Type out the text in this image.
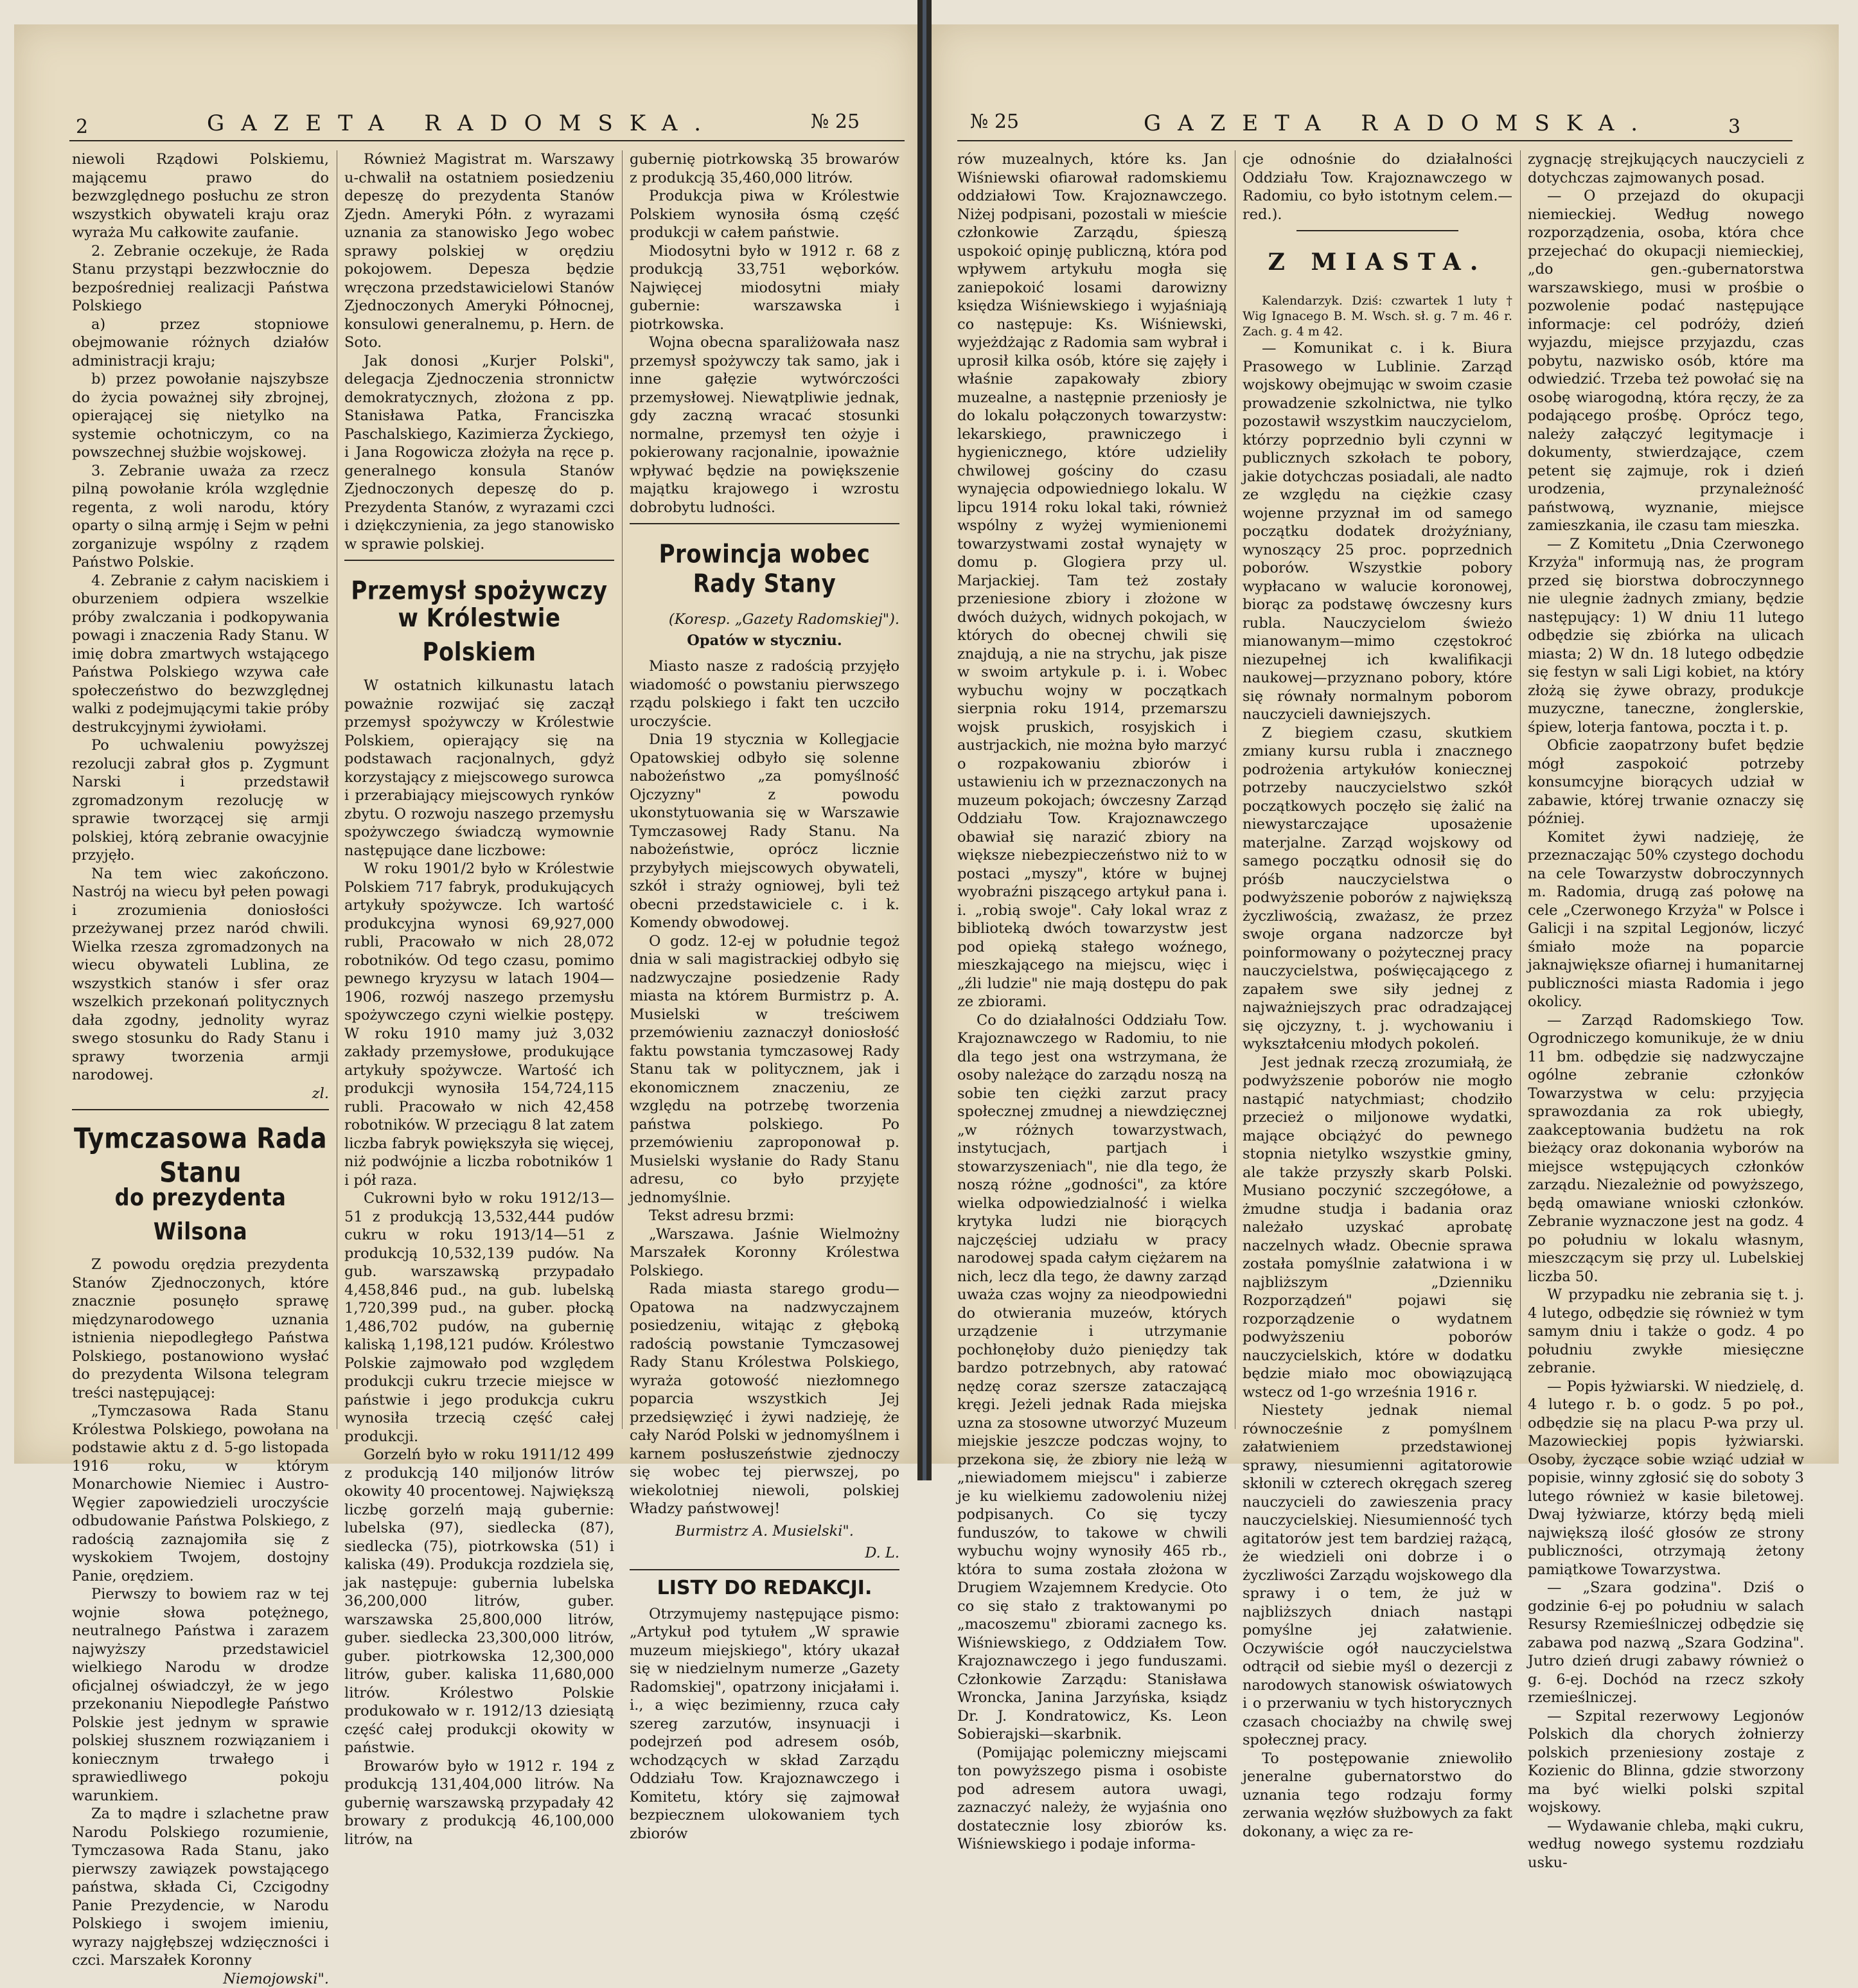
2	GAZETA RADOMSKA.	№ 25

niewoli Rządowi Polskiemu, mającemu prawo do bezwzględnego posłuchu ze stron wszystkich obywateli kraju oraz wyraża Mu całkowite zaufanie.

2. Zebranie oczekuje, że Rada Stanu przystąpi bezzwłocznie do bezpośredniej realizacji Państwa Polskiego

a) przez stopniowe obejmowanie różnych działów administracji kraju;

b) przez powołanie najszybsze do życia poważnej siły zbrojnej, opierającej się nietylko na systemie ochotniczym, co na powszechnej służbie wojskowej.

3. Zebranie uważa za rzecz pilną powołanie króla względnie regenta, z woli narodu, który oparty o silną armję i Sejm w pełni zorganizuje wspólny z rządem Państwo Polskie.

4. Zebranie z całym naciskiem i oburzeniem odpiera wszelkie próby zwalczania i podkopywania powagi i znaczenia Rady Stanu. W imię dobra zmartwych wstającego Państwa Polskiego wzywa całe społeczeństwo do bezwzględnej walki z podejmującymi takie próby destrukcyjnymi żywiołami.

Po uchwaleniu powyższej rezolucji zabrał głos p. Zygmunt Narski i przedstawił zgromadzonym rezolucję w sprawie tworzącej się armji polskiej, którą zebranie owacyjnie przyjęło.

Na tem wiec zakończono. Nastrój na wiecu był pełen powagi i zrozumienia doniosłości przeżywanej przez naród chwili. Wielka rzesza zgromadzonych na wiecu obywateli Lublina, ze wszystkich stanów i sfer oraz wszelkich przekonań politycznych dała zgodny, jednolity wyraz swego stosunku do Rady Stanu i sprawy tworzenia armji narodowej.

zl.
Tymczasowa Rada Stanu
do prezydenta Wilsona

Z powodu orędzia prezydenta Stanów Zjednoczonych, które znacznie posunęło sprawę międzynarodowego uznania istnienia niepodległego Państwa Polskiego, postanowiono wysłać do prezydenta Wilsona telegram treści następującej:

„Tymczasowa Rada Stanu Królestwa Polskiego, powołana na podstawie aktu z d. 5-go listopada 1916 roku, w którym Monarchowie Niemiec i Austro-Węgier zapowiedzieli uroczyście odbudowanie Państwa Polskiego, z radością zaznajomiła się z wyskokiem Twojem, dostojny Panie, orędziem.

Pierwszy to bowiem raz w tej wojnie słowa potężnego, neutralnego Państwa i zarazem najwyższy przedstawiciel wielkiego Narodu w drodze oficjalnej oświadczył, że w jego przekonaniu Niepodległe Państwo Polskie jest jednym w sprawie polskiej słusznem rozwiązaniem i koniecznym trwałego i sprawiedliwego pokoju warunkiem.

Za to mądre i szlachetne praw Narodu Polskiego rozumienie, Tymczasowa Rada Stanu, jako pierwszy zawiązek powstającego państwa, składa Ci, Czcigodny Panie Prezydencie, w Narodu Polskiego i swojem imieniu, wyrazy najgłębszej wdzięczności i czci. Marszałek Koronny

Niemojowski".

Również Magistrat m. Warszawy u-chwalił na ostatniem posiedzeniu depeszę do prezydenta Stanów Zjedn. Ameryki Półn. z wyrazami uznania za stanowisko Jego wobec sprawy polskiej w orędziu pokojowem. Depesza będzie wręczona przedstawicielowi Stanów Zjednoczonych Ameryki Północnej, konsulowi generalnemu, p. Hern. de Soto.

Jak donosi „Kurjer Polski", delegacja Zjednoczenia stronnictw demokratycznych, złożona z pp. Stanisława Patka, Franciszka Paschalskiego, Kazimierza Życkiego, i Jana Rogowicza złożyła na ręce p. generalnego konsula Stanów Zjednoczonych depeszę do p. Prezydenta Stanów, z wyrazami czci i dziękczynienia, za jego stanowisko w sprawie polskiej.

Przemysł spożywczy
w Królestwie Polskiem

W ostatnich kilkunastu latach poważnie rozwijać się zaczął przemysł spożywczy w Królestwie Polskiem, opierający się na podstawach racjonalnych, gdyż korzystający z miejscowego surowca i przerabiający miejscowych rynków zbytu. O rozwoju naszego przemysłu spożywczego świadczą wymownie następujące dane liczbowe:

W roku 1901/2 było w Królestwie Polskiem 717 fabryk, produkujących artykuły spożywcze. Ich wartość produkcyjna wynosi 69,927,000 rubli, Pracowało w nich 28,072 robotników. Od tego czasu, pomimo pewnego kryzysu w latach 1904—1906, rozwój naszego przemysłu spożywczego czyni wielkie postępy. W roku 1910 mamy już 3,032 zakłady przemysłowe, produkujące artykuły spożywcze. Wartość ich produkcji wynosiła 154,724,115 rubli. Pracowało w nich 42,458 robotników. W przeciągu 8 lat zatem liczba fabryk powiększyła się więcej, niż podwójnie a liczba robotników 1 i pół raza.

Cukrowni było w roku 1912/13—51 z produkcją 13,532,444 pudów cukru w roku 1913/14—51 z produkcją 10,532,139 pudów. Na gub. warszawską przypadało 4,458,846 pud., na gub. lubelską 1,720,399 pud., na guber. płocką 1,486,702 pudów, na gubernię kaliską 1,198,121 pudów. Królestwo Polskie zajmowało pod względem produkcji cukru trzecie miejsce w państwie i jego produkcja cukru wynosiła trzecią część całej produkcji.

Gorzelń było w roku 1911/12 499 z produkcją 140 miljonów litrów okowity 40 procentowej. Największą liczbę gorzelń mają gubernie: lubelska (97), siedlecka (87), siedlecka (75), piotrkowska (51) i kaliska (49). Produkcja rozdziela się, jak następuje: gubernia lubelska 36,200,000 litrów, guber. warszawska 25,800,000 litrów, guber. siedlecka 23,300,000 litrów, guber. piotrkowska 12,300,000 litrów, guber. kaliska 11,680,000 litrów. Królestwo Polskie produkowało w r. 1912/13 dziesiątą część całej produkcji okowity w państwie.

Browarów było w 1912 r. 194 z produkcją 131,404,000 litrów. Na gubernię warszawską przypadały 42 browary z produkcją 46,100,000 litrów, na

gubernię piotrkowską 35 browarów z produkcją 35,460,000 litrów.

Produkcja piwa w Królestwie Polskiem wynosiła ósmą część produkcji w całem państwie.

Miodosytni było w 1912 r. 68 z produkcją 33,751 węborków. Najwięcej miodosytni miały gubernie: warszawska i piotrkowska.

Wojna obecna sparaliżowała nasz przemysł spożywczy tak samo, jak i inne gałęzie wytwórczości przemysłowej. Niewątpliwie jednak, gdy zaczną wracać stosunki normalne, przemysł ten ożyje i pokierowany racjonalnie, ipoważnie wpływać będzie na powiększenie majątku krajowego i wzrostu dobrobytu ludności.

Prowincja wobec
Rady Stany
(Koresp. „Gazety Radomskiej").
Opatów w styczniu.

Miasto nasze z radością przyjęło wiadomość o powstaniu pierwszego rządu polskiego i fakt ten uczciło uroczyście.

Dnia 19 stycznia w Kollegjacie Opatowskiej odbyło się solenne nabożeństwo „za pomyślność Ojczyzny" z powodu ukonstytuowania się w Warszawie Tymczasowej Rady Stanu. Na nabożeństwie, oprócz licznie przybyłych miejscowych obywateli, szkół i straży ogniowej, byli też obecni przedstawiciele c. i k. Komendy obwodowej.

O godz. 12-ej w południe tegoż dnia w sali magistrackiej odbyło się nadzwyczajne posiedzenie Rady miasta na którem Burmistrz p. A. Musielski w treściwem przemówieniu zaznaczył doniosłość faktu powstania tymczasowej Rady Stanu tak w politycznem, jak i ekonomicznem znaczeniu, ze względu na potrzebę tworzenia państwa polskiego. Po przemówieniu zaproponował p. Musielski wysłanie do Rady Stanu adresu, co było przyjęte jednomyślnie.

Tekst adresu brzmi:

„Warszawa. Jaśnie Wielmożny Marszałek Koronny Królestwa Polskiego.

Rada miasta starego grodu—Opatowa na nadzwyczajnem posiedzeniu, witając z głęboką radością powstanie Tymczasowej Rady Stanu Królestwa Polskiego, wyraża gotowość niezłomnego poparcia wszystkich Jej przedsięwzięć i żywi nadzieję, że cały Naród Polski w jednomyślnem i karnem posłuszeństwie zjednoczy się wobec tej pierwszej, po wiekolotniej niewoli, polskiej Władzy państwowej!

Burmistrz A. Musielski".
D. L.
LISTY DO REDAKCJI.

Otrzymujemy następujące pismo: „Artykuł pod tytułem „W sprawie muzeum miejskiego", który ukazał się w niedzielnym numerze „Gazety Radomskiej", opatrzony inicjałami i. i., a więc bezimienny, rzuca cały szereg zarzutów, insynuacji i podejrzeń pod adresem osób, wchodzących w skład Zarządu Oddziału Tow. Krajoznawczego i Komitetu, który się zajmował bezpiecznem ulokowaniem tych zbiorów

№ 25	GAZETA RADOMSKA.	3

rów muzealnych, które ks. Jan Wiśniewski ofiarował radomskiemu oddziałowi Tow. Krajoznawczego. Niżej podpisani, pozostali w mieście członkowie Zarządu, śpieszą uspokoić opinję publiczną, która pod wpływem artykułu mogła się zaniepokoić losami darowizny księdza Wiśniewskiego i wyjaśniają co następuje: Ks. Wiśniewski, wyjeżdżając z Radomia sam wybrał i uprosił kilka osób, które się zajęły i właśnie zapakowały zbiory muzealne, a następnie przeniosły je do lokalu połączonych towarzystw: lekarskiego, prawniczego i hygienicznego, które udzieliły chwilowej gościny do czasu wynajęcia odpowiedniego lokalu. W lipcu 1914 roku lokal taki, również wspólny z wyżej wymienionemi towarzystwami został wynajęty w domu p. Glogiera przy ul. Marjackiej. Tam też zostały przeniesione zbiory i złożone w dwóch dużych, widnych pokojach, w których do obecnej chwili się znajdują, a nie na strychu, jak pisze w swoim artykule p. i. i. Wobec wybuchu wojny w początkach sierpnia roku 1914, przemarszu wojsk pruskich, rosyjskich i austrjackich, nie można było marzyć o rozpakowaniu zbiorów i ustawieniu ich w przeznaczonych na muzeum pokojach; ówczesny Zarząd Oddziału Tow. Krajoznawczego obawiał się narazić zbiory na większe niebezpieczeństwo niż to w postaci „myszy", które w bujnej wyobraźni piszącego artykuł pana i. i. „robią swoje". Cały lokal wraz z biblioteką dwóch towarzystw jest pod opieką stałego woźnego, mieszkającego na miejscu, więc i „źli ludzie" nie mają dostępu do pak ze zbiorami.

Co do działalności Oddziału Tow. Krajoznawczego w Radomiu, to nie dla tego jest ona wstrzymana, że osoby należące do zarządu noszą na sobie ten ciężki zarzut pracy społecznej zmudnej a niewdzięcznej „w różnych towarzystwach, instytucjach, partjach i stowarzyszeniach", nie dla tego, że noszą różne „godności", za które wielka odpowiedzialność i wielka krytyka ludzi nie biorących najczęściej udziału w pracy narodowej spada całym ciężarem na nich, lecz dla tego, że dawny zarząd uważa czas wojny za nieodpowiedni do otwierania muzeów, których urządzenie i utrzymanie pochłonęłoby dużo pieniędzy tak bardzo potrzebnych, aby ratować nędzę coraz szersze zataczającą kręgi. Jeżeli jednak Rada miejska uzna za stosowne utworzyć Muzeum miejskie jeszcze podczas wojny, to przekona się, że zbiory nie leżą w „niewiadomem miejscu" i zabierze je ku wielkiemu zadowoleniu niżej podpisanych. Co się tyczy funduszów, to takowe w chwili wybuchu wojny wynosiły 465 rb., która to suma została złożona w Drugiem Wzajemnem Kredycie. Oto co się stało z traktowanymi po „macoszemu" zbiorami zacnego ks. Wiśniewskiego, z Oddziałem Tow. Krajoznawczego i jego funduszami. Członkowie Zarządu: Stanisława Wroncka, Janina Jarzyńska, ksiądz Dr. J. Kondratowicz, Ks. Leon Sobierajski—skarbnik.

(Pomijając polemiczny miejscami ton powyższego pisma i osobiste pod adresem autora uwagi, zaznaczyć należy, że wyjaśnia ono dostatecznie losy zbiorów ks. Wiśniewskiego i podaje informa-

cje odnośnie do działalności Oddziału Tow. Krajoznawczego w Radomiu, co było istotnym celem.—red.).

Z MIASTA.

Kalendarzyk. Dziś: czwartek 1 luty † Wig Ignacego B. M. Wsch. sł. g. 7 m. 46 r. Zach. g. 4 m 42.

— Komunikat c. i k. Biura Prasowego w Lublinie. Zarząd wojskowy obejmując w swoim czasie prowadzenie szkolnictwa, nie tylko pozostawił wszystkim nauczycielom, którzy poprzednio byli czynni w publicznych szkołach te pobory, jakie dotychczas posiadali, ale nadto ze względu na ciężkie czasy wojenne przyznał im od samego początku dodatek drożyźniany, wynoszący 25 proc. poprzednich poborów. Wszystkie pobory wypłacano w walucie koronowej, biorąc za podstawę ówczesny kurs rubla. Nauczycielom świeżo mianowanym—mimo częstokroć niezupełnej ich kwalifikacji naukowej—przyznano pobory, które się równały normalnym poborom nauczycieli dawniejszych.

Z biegiem czasu, skutkiem zmiany kursu rubla i znacznego podrożenia artykułów koniecznej potrzeby nauczycielstwo szkół początkowych poczęło się żalić na niewystarczające uposażenie materjalne. Zarząd wojskowy od samego początku odnosił się do próśb nauczycielstwa o podwyższenie poborów z największą życzliwością, zważasz, że przez swoje organa nadzorcze był poinformowany o pożytecznej pracy nauczycielstwa, poświęcającego z zapałem swe siły jednej z najważniejszych prac odradzającej się ojczyzny, t. j. wychowaniu i wykształceniu młodych pokoleń.

Jest jednak rzeczą zrozumiałą, że podwyższenie poborów nie mogło nastąpić natychmiast; chodziło przecież o miljonowe wydatki, mające obciążyć do pewnego stopnia nietylko wszystkie gminy, ale także przyszły skarb Polski. Musiano poczynić szczegółowe, a żmudne studja i badania oraz należało uzyskać aprobatę naczelnych władz. Obecnie sprawa została pomyślnie załatwiona i w najbliższym „Dzienniku Rozporządzeń" pojawi się rozporządzenie o wydatnem podwyższeniu poborów nauczycielskich, które w dodatku będzie miało moc obowiązującą wstecz od 1-go września 1916 r.

Niestety jednak niemal równocześnie z pomyślnem załatwieniem przedstawionej sprawy, niesumienni agitatorowie skłonili w czterech okręgach szereg nauczycieli do zawieszenia pracy nauczycielskiej. Niesumienność tych agitatorów jest tem bardziej rażącą, że wiedzieli oni dobrze i o życzliwości Zarządu wojskowego dla sprawy i o tem, że już w najbliższych dniach nastąpi pomyślne jej załatwienie. Oczywiście ogół nauczycielstwa odtrącił od siebie myśl o dezercji z narodowych stanowisk oświatowych i o przerwaniu w tych historycznych czasach chociażby na chwilę swej społecznej pracy.

To postępowanie zniewoliło jeneralne gubernatorstwo do uznania tego rodzaju formy zerwania węzłów służbowych za fakt dokonany, a więc za re-

zygnację strejkujących nauczycieli z dotychczas zajmowanych posad.

— O przejazd do okupacji niemieckiej. Według nowego rozporządzenia, osoba, która chce przejechać do okupacji niemieckiej, „do gen.-gubernatorstwa warszawskiego, musi w prośbie o pozwolenie podać następujące informacje: cel podróży, dzień wyjazdu, miejsce przyjazdu, czas pobytu, nazwisko osób, które ma odwiedzić. Trzeba też powołać się na osobę wiarogodną, która ręczy, że za podającego prośbę. Oprócz tego, należy załączyć legitymacje i dokumenty, stwierdzające, czem petent się zajmuje, rok i dzień urodzenia, przynależność państwową, wyznanie, miejsce zamieszkania, ile czasu tam mieszka.

— Z Komitetu „Dnia Czerwonego Krzyża" informują nas, że program przed się biorstwa dobroczynnego nie ulegnie żadnych zmiany, będzie następujący: 1) W dniu 11 lutego odbędzie się zbiórka na ulicach miasta; 2) W dn. 18 lutego odbędzie się festyn w sali Ligi kobiet, na który złożą się żywe obrazy, produkcje muzyczne, taneczne, żonglerskie, śpiew, loterja fantowa, poczta i t. p.

Obficie zaopatrzony bufet będzie mógł zaspokoić potrzeby konsumcyjne biorących udział w zabawie, której trwanie oznaczy się później.

Komitet żywi nadzieję, że przeznaczając 50% czystego dochodu na cele Towarzystw dobroczynnych m. Radomia, drugą zaś połowę na cele „Czerwonego Krzyża" w Polsce i Galicji i na szpital Legjonów, liczyć śmiało może na poparcie jaknajwiększe ofiarnej i humanitarnej publiczności miasta Radomia i jego okolicy.

— Zarząd Radomskiego Tow. Ogrodniczego komunikuje, że w dniu 11 bm. odbędzie się nadzwyczajne ogólne zebranie członków Towarzystwa w celu: przyjęcia sprawozdania za rok ubiegły, zaakceptowania budżetu na rok bieżący oraz dokonania wyborów na miejsce wstępujących członków zarządu. Niezależnie od powyższego, będą omawiane wnioski członków. Zebranie wyznaczone jest na godz. 4 po południu w lokalu własnym, mieszczącym się przy ul. Lubelskiej liczba 50.

W przypadku nie zebrania się t. j. 4 lutego, odbędzie się również w tym samym dniu i także o godz. 4 po południu zwykłe miesięczne zebranie.

— Popis łyżwiarski. W niedzielę, d. 4 lutego r. b. o godz. 5 po poł., odbędzie się na placu P-wa przy ul. Mazowieckiej popis łyżwiarski. Osoby, życzące sobie wziąć udział w popisie, winny zgłosić się do soboty 3 lutego również w kasie biletowej. Dwaj łyżwiarze, którzy będą mieli największą ilość głosów ze strony publiczności, otrzymają żetony pamiątkowe Towarzystwa.

— „Szara godzina". Dziś o godzinie 6-ej po południu w salach Resursy Rzemieślniczej odbędzie się zabawa pod nazwą „Szara Godzina". Jutro dzień drugi zabawy również o g. 6-ej. Dochód na rzecz szkoły rzemieślniczej.

— Szpital rezerwowy Legjonów Polskich dla chorych żołnierzy polskich przeniesiony zostaje z Kozienic do Blinna, gdzie stworzony ma być wielki polski szpital wojskowy.

— Wydawanie chleba, mąki cukru, według nowego systemu rozdziału usku-
